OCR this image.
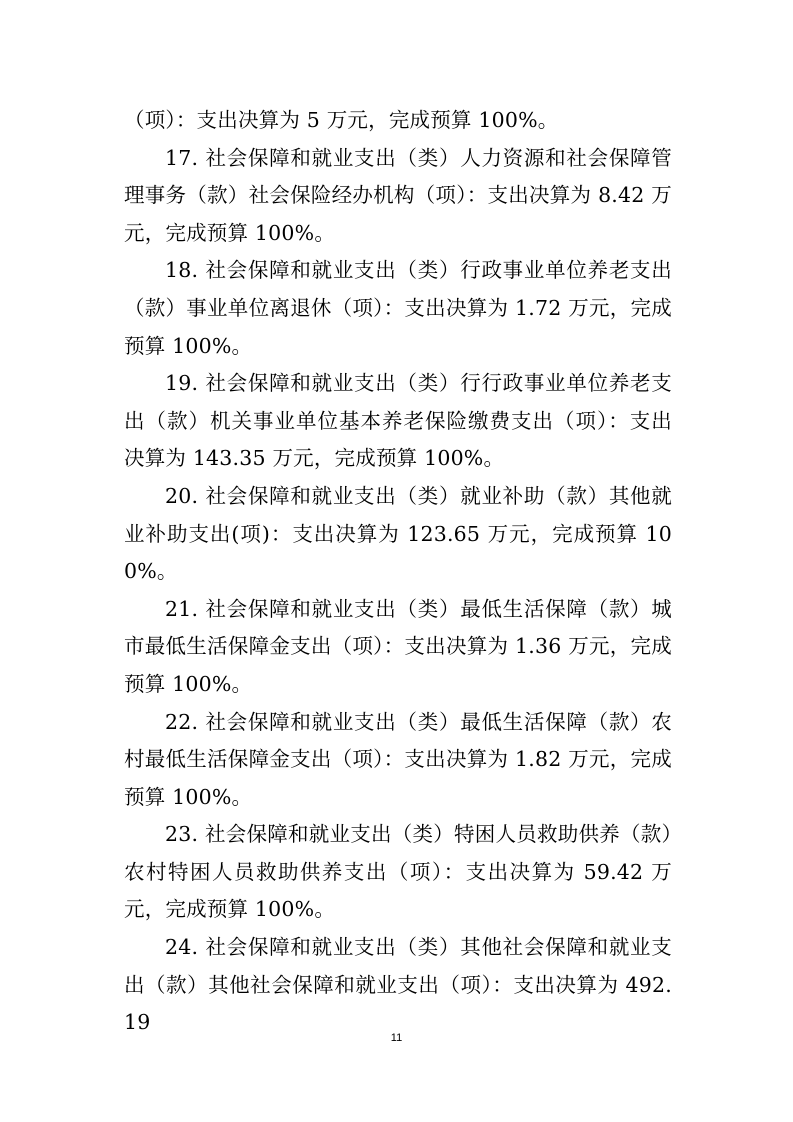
（项）：支出决算为 5 万元，完成预算 100%。

17. 社会保障和就业支出（类）人力资源和社会保障管理事务（款）社会保险经办机构（项）：支出决算为 8.42 万元，完成预算 100%。

18. 社会保障和就业支出（类）行政事业单位养老支出（款）事业单位离退休（项）：支出决算为 1.72 万元，完成预算 100%。

19. 社会保障和就业支出（类）行行政事业单位养老支出（款）机关事业单位基本养老保险缴费支出（项）：支出决算为 143.35 万元，完成预算 100%。

20. 社会保障和就业支出（类）就业补助（款）其他就业补助支出(项)：支出决算为 123.65 万元，完成预算 100%。

21. 社会保障和就业支出（类）最低生活保障（款）城市最低生活保障金支出（项）：支出决算为 1.36 万元，完成预算 100%。

22. 社会保障和就业支出（类）最低生活保障（款）农村最低生活保障金支出（项）：支出决算为 1.82 万元，完成预算 100%。

23. 社会保障和就业支出（类）特困人员救助供养（款）农村特困人员救助供养支出（项）：支出决算为 59.42 万元，完成预算 100%。

24. 社会保障和就业支出（类）其他社会保障和就业支出（款）其他社会保障和就业支出（项）：支出决算为 492.19

11
